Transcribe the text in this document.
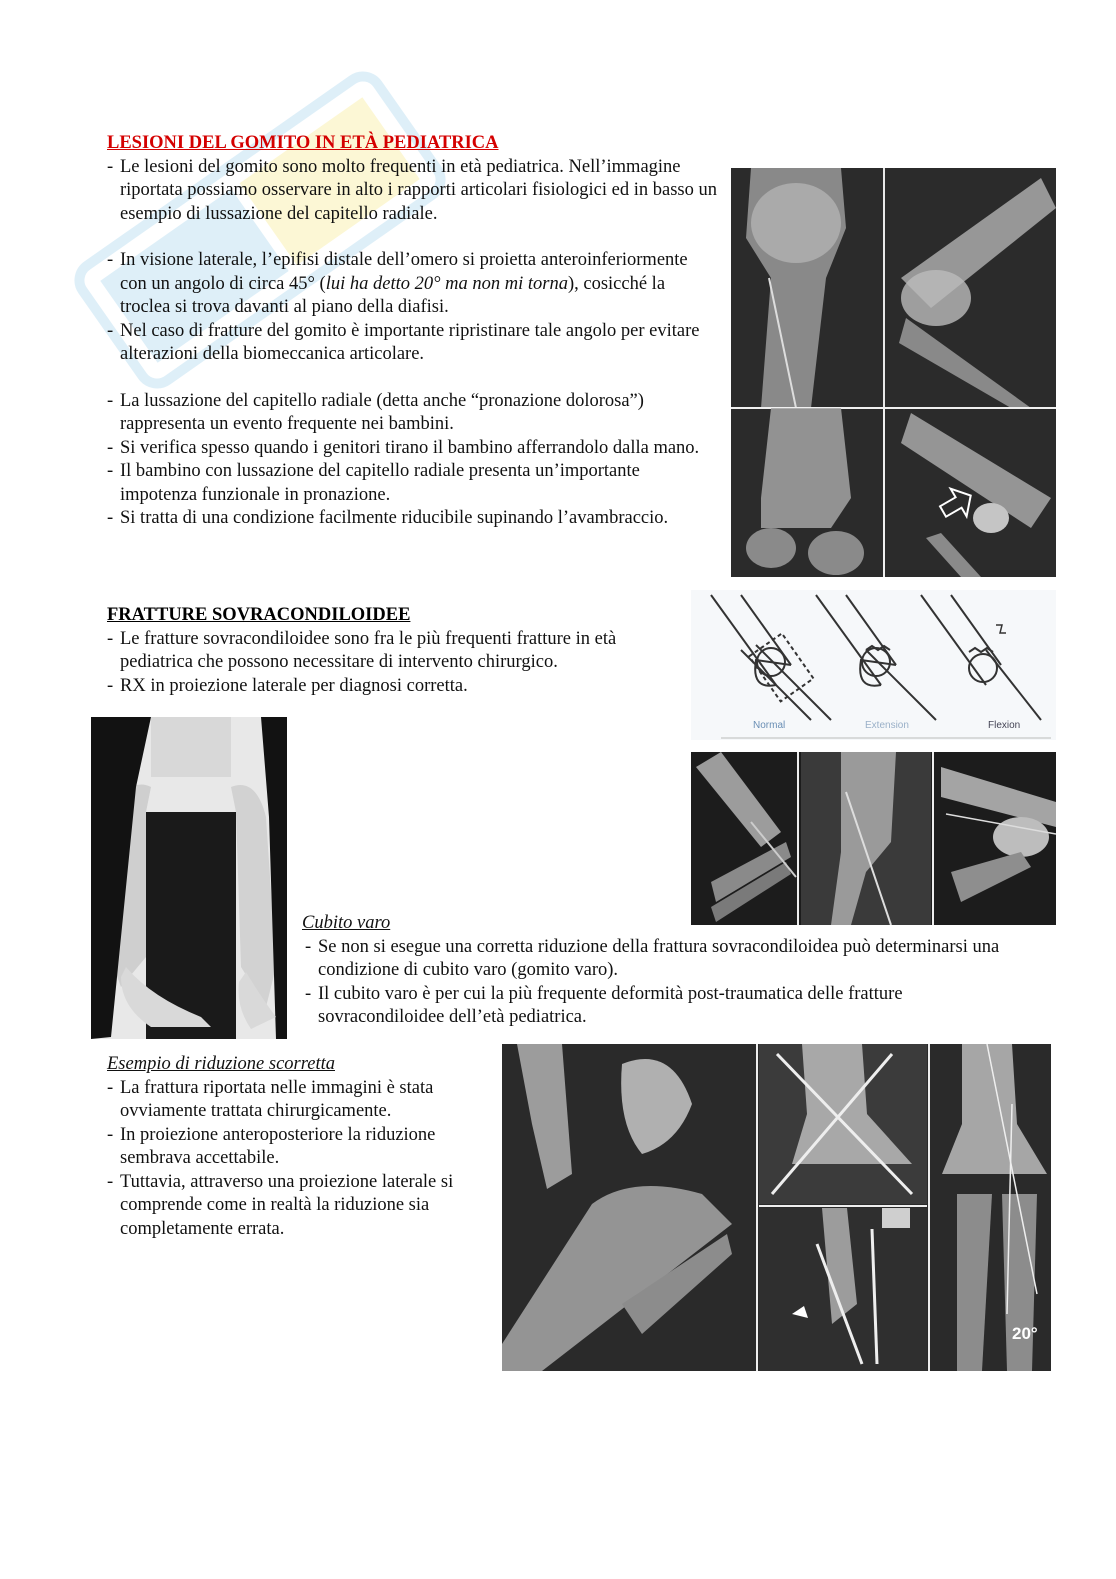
LESIONI DEL GOMITO IN ETÀ PEDIATRICA
- Le lesioni del gomito sono molto frequenti in età pediatrica. Nell’immagine riportata possiamo osservare in alto i rapporti articolari fisiologici ed in basso un esempio di lussazione del capitello radiale.
- In visione laterale, l’epifisi distale dell’omero si proietta anteroinferiormente con un angolo di circa 45° (lui ha detto 20° ma non mi torna), cosicché la troclea si trova davanti al piano della diafisi.
- Nel caso di fratture del gomito è importante ripristinare tale angolo per evitare alterazioni della biomeccanica articolare.
- La lussazione del capitello radiale (detta anche “pronazione dolorosa”) rappresenta un evento frequente nei bambini.
- Si verifica spesso quando i genitori tirano il bambino afferrandolo dalla mano.
- Il bambino con lussazione del capitello radiale presenta un’importante impotenza funzionale in pronazione.
- Si tratta di una condizione facilmente riducibile supinando l’avambraccio.
FRATTURE SOVRACONDILOIDEE
- Le fratture sovracondiloidee sono fra le più frequenti fratture in età pediatrica che possono necessitare di intervento chirurgico.
- RX in proiezione laterale per diagnosi corretta.
Normal	Extension	Flexion
Cubito varo
- Se non si esegue una corretta riduzione della frattura sovracondiloidea può determinarsi una condizione di cubito varo (gomito varo).
- Il cubito varo è per cui la più frequente deformità post-traumatica delle fratture sovracondiloidee dell’età pediatrica.
Esempio di riduzione scorretta
- La frattura riportata nelle immagini è stata ovviamente trattata chirurgicamente.
- In proiezione anteroposteriore la riduzione sembrava accettabile.
- Tuttavia, attraverso una proiezione laterale si comprende come in realtà la riduzione sia completamente errata.
20°
